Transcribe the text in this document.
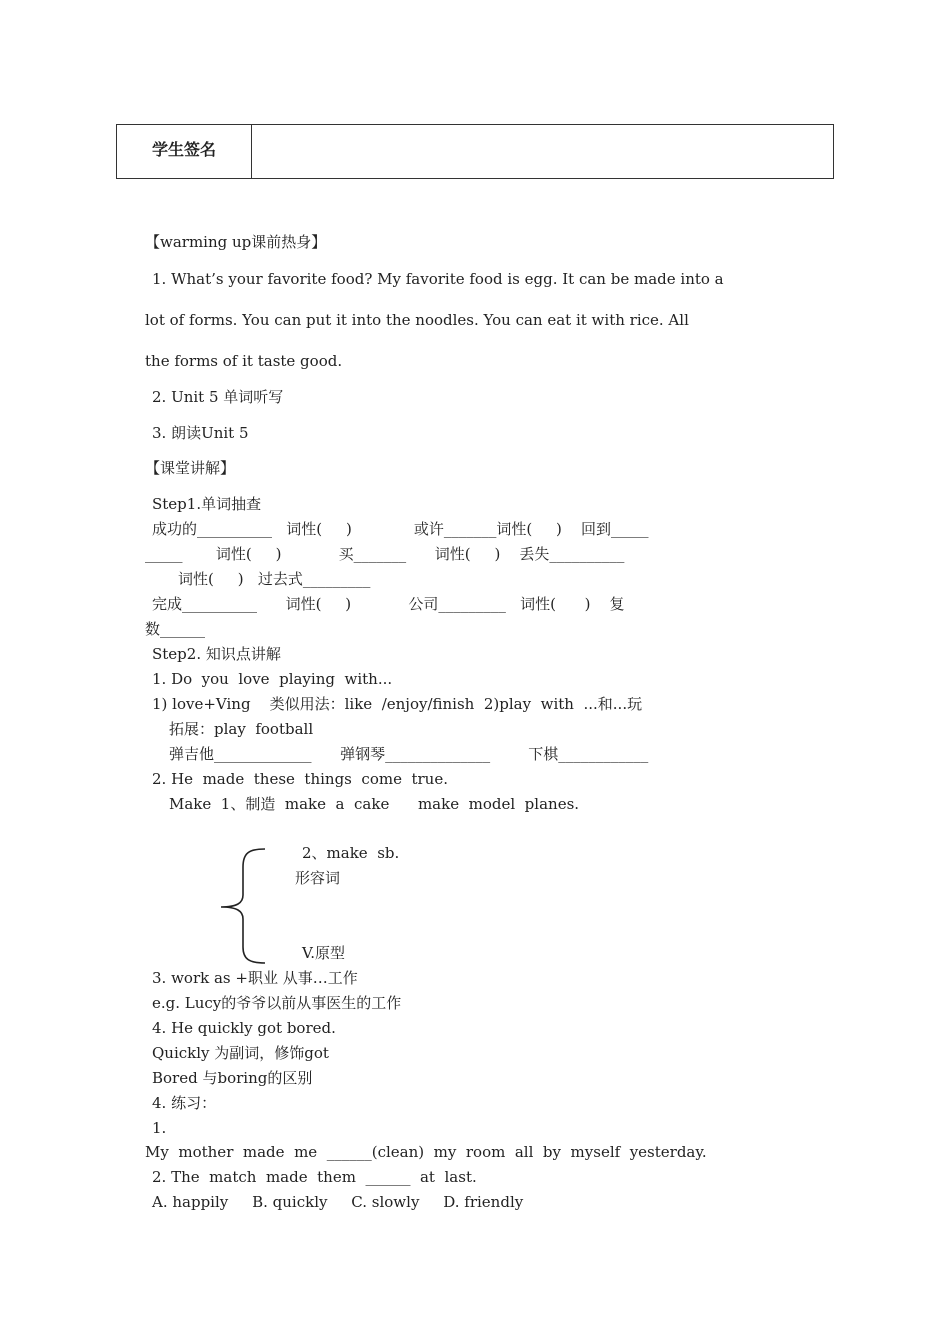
学生签名
【warming up课前热身】
1. What’s your favorite food? My favorite food is egg. It can be made into a
lot of forms. You can put it into the noodles. You can eat it with rice. All
the forms of it taste good.
2. Unit 5 单词听写
3. 朗读Unit 5
【课堂讲解】
Step1.单词抽查
成功的__________   词性(     )             或许_______词性(     )    回到_____
_____       词性(     )            买_______      词性(     )    丢失__________
词性(     )   过去式_________
完成__________      词性(     )            公司_________   词性(      )    复
数______
Step2. 知识点讲解
1. Do  you  love  playing  with...
1) love+Ving    类似用法：like  /enjoy/finish  2)play  with  ...和...玩
拓展：play  football
弹吉他_____________      弹钢琴______________        下棋____________
2. He  made  these  things  come  true.
Make  1、制造  make  a  cake      make  model  planes.
2、make  sb.
形容词
V.原型
3. work as +职业 从事…工作
e.g. Lucy的爷爷以前从事医生的工作
4. He quickly got bored.
Quickly 为副词，修饰got
Bored 与boring的区别
4. 练习：
1.
My  mother  made  me  ______(clean)  my  room  all  by  myself  yesterday.
2. The  match  made  them  ______  at  last.
A. happily     B. quickly     C. slowly     D. friendly
